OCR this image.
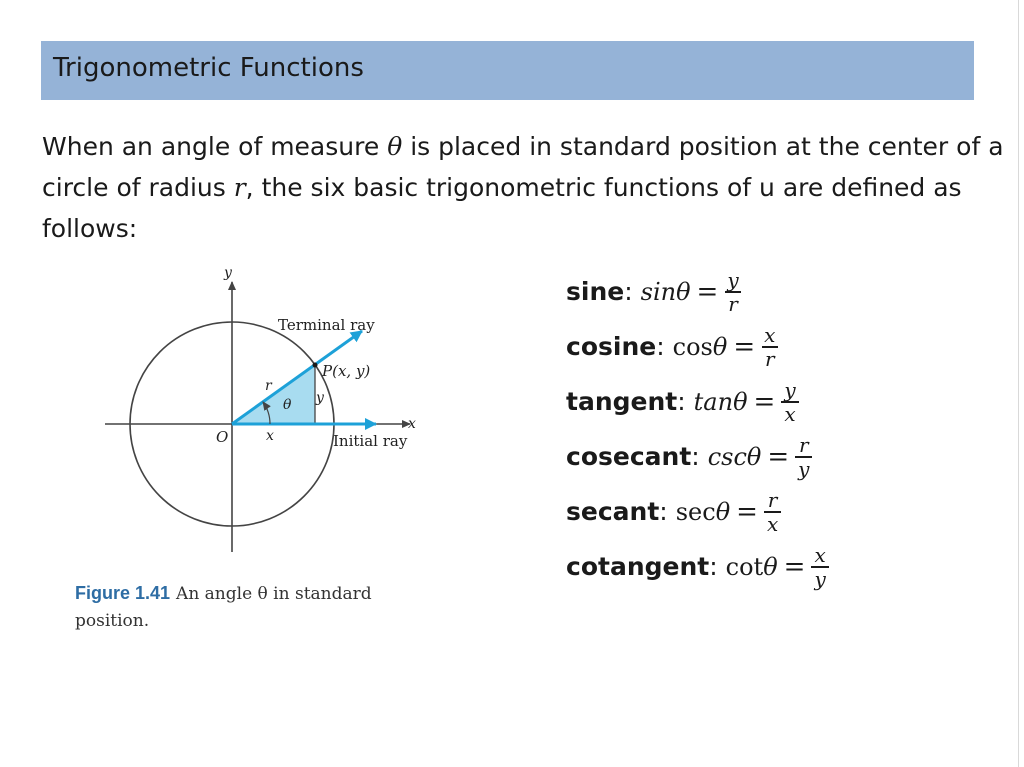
Trigonometric Functions
When an angle of measure θ is placed in standard position at the center of a circle of radius r, the six basic trigonometric functions of u are defined as follows:
y
x
Terminal ray
P(x, y)
r
θ y
x
O	Initial ray
Figure 1.41 An angle θ in standard position.
sine : $\sin \theta = \frac{y}{r}$
cosine : $\cos \theta = \frac{x}{r}$
tangent : $\tan \theta = \frac{y}{x}$
cosecant : $\csc \theta = \frac{r}{y}$
secant : $\sec \theta = \frac{r}{x}$
cotangent : $\cot \theta = \frac{x}{y}$
